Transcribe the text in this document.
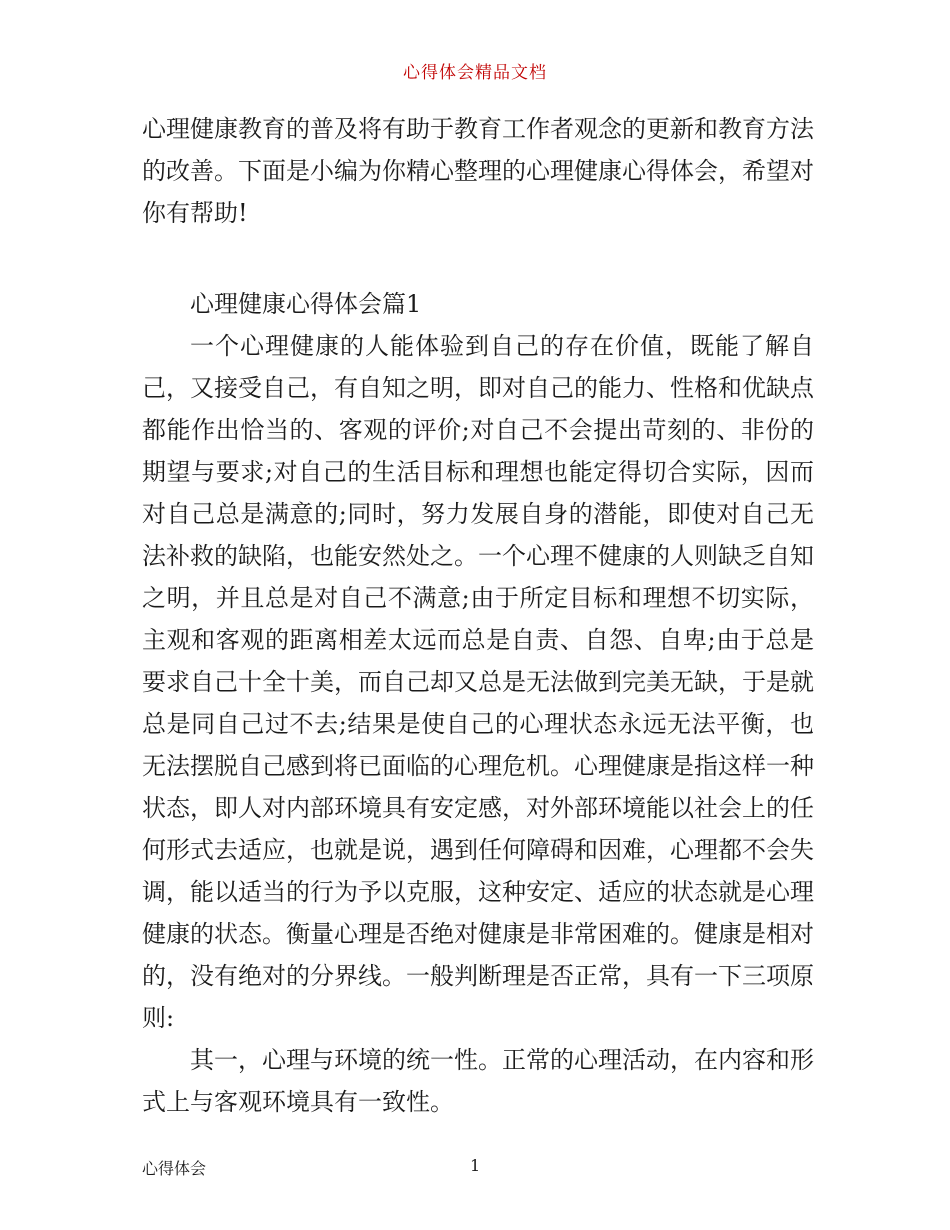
心得体会精品文档

心理健康教育的普及将有助于教育工作者观念的更新和教育方法的改善。下面是小编为你精心整理的心理健康心得体会，希望对你有帮助!

心理健康心得体会篇1

一个心理健康的人能体验到自己的存在价值，既能了解自己，又接受自己，有自知之明，即对自己的能力、性格和优缺点都能作出恰当的、客观的评价;对自己不会提出苛刻的、非份的期望与要求;对自己的生活目标和理想也能定得切合实际，因而对自己总是满意的;同时，努力发展自身的潜能，即使对自己无法补救的缺陷，也能安然处之。一个心理不健康的人则缺乏自知之明，并且总是对自己不满意;由于所定目标和理想不切实际，主观和客观的距离相差太远而总是自责、自怨、自卑;由于总是要求自己十全十美，而自己却又总是无法做到完美无缺，于是就总是同自己过不去;结果是使自己的心理状态永远无法平衡，也无法摆脱自己感到将已面临的心理危机。心理健康是指这样一种状态，即人对内部环境具有安定感，对外部环境能以社会上的任何形式去适应，也就是说，遇到任何障碍和因难，心理都不会失调，能以适当的行为予以克服，这种安定、适应的状态就是心理健康的状态。衡量心理是否绝对健康是非常困难的。健康是相对的，没有绝对的分界线。一般判断理是否正常，具有一下三项原则:

其一，心理与环境的统一性。正常的心理活动，在内容和形式上与客观环境具有一致性。

心得体会	1
